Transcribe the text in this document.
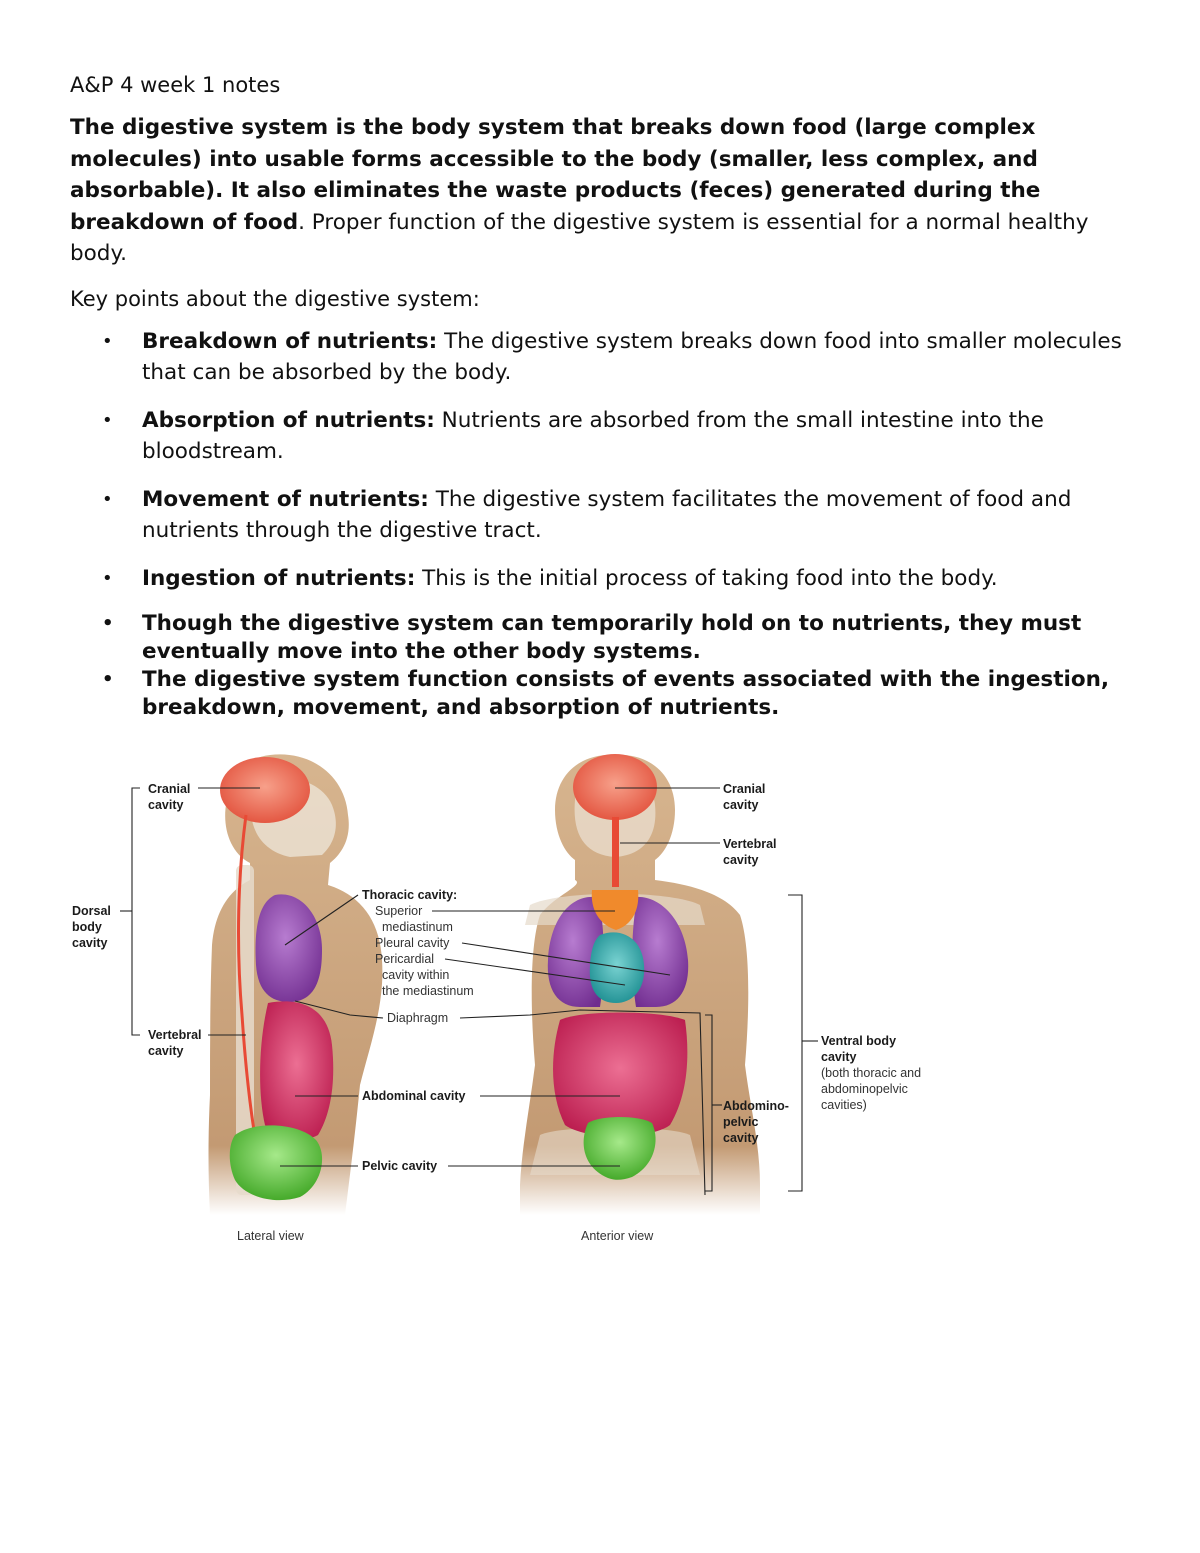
A&P 4 week 1 notes

The digestive system is the body system that breaks down food (large complex molecules) into usable forms accessible to the body (smaller, less complex, and absorbable). It also eliminates the waste products (feces) generated during the breakdown of food. Proper function of the digestive system is essential for a normal healthy body.

Key points about the digestive system:

• Breakdown of nutrients: The digestive system breaks down food into smaller molecules that can be absorbed by the body.
• Absorption of nutrients: Nutrients are absorbed from the small intestine into the bloodstream.
• Movement of nutrients: The digestive system facilitates the movement of food and nutrients through the digestive tract.
• Ingestion of nutrients: This is the initial process of taking food into the body.
• Though the digestive system can temporarily hold on to nutrients, they must eventually move into the other body systems.
• The digestive system function consists of events associated with the ingestion, breakdown, movement, and absorption of nutrients.
Cranial
cavity
Dorsal
body
cavity
Vertebral
cavity
Thoracic cavity:
Superior
mediastinum
Pleural cavity
Pericardial
cavity within
the mediastinum
Diaphragm
Abdominal cavity
Pelvic cavity
Cranial
cavity
Vertebral
cavity
Ventral body
cavity
(both thoracic and
abdominopelvic
cavities)
Abdomino-
pelvic
cavity
Lateral view	Anterior view
